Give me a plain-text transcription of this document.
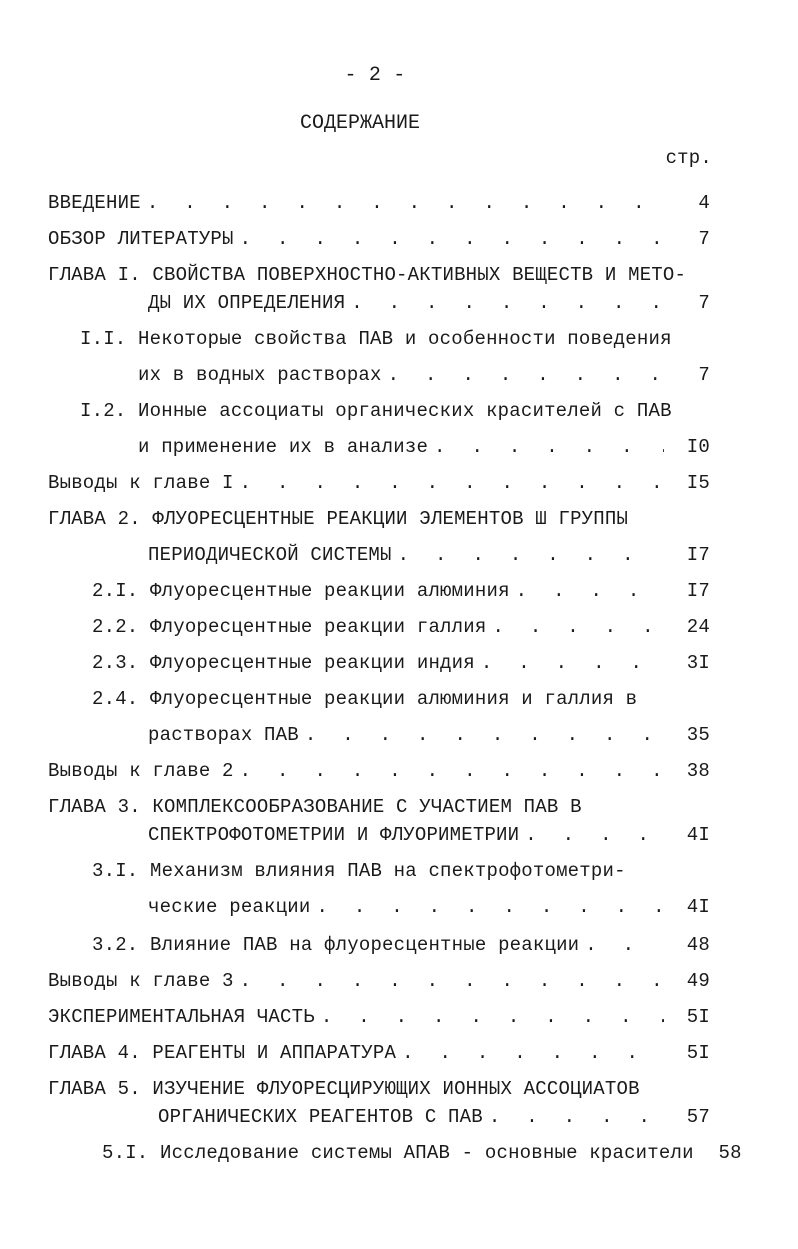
- 2 -
СОДЕРЖАНИЕ
стр.
ВВЕДЕНИЕ . . .	4
ОБЗОР ЛИТЕРАТУРЫ . . .	7
ГЛАВА I. СВОЙСТВА ПОВЕРХНОСТНО-АКТИВНЫХ ВЕЩЕСТВ И МЕТО-
ДЫ ИХ ОПРЕДЕЛЕНИЯ . . .	7
I.I. Некоторые свойства ПАВ и особенности поведения
их в водных растворах . . .	7
I.2. Ионные ассоциаты органических красителей с ПАВ
и применение их в анализе . . .	I0
Выводы к главе I . . .	I5
ГЛАВА 2. ФЛУОРЕСЦЕНТНЫЕ РЕАКЦИИ ЭЛЕМЕНТОВ Ш ГРУППЫ
ПЕРИОДИЧЕСКОЙ СИСТЕМЫ . . .	I7
2.I. Флуоресцентные реакции алюминия . . .	I7
2.2. Флуоресцентные реакции галлия . . .	24
2.3. Флуоресцентные реакции индия . . .	3I
2.4. Флуоресцентные реакции алюминия и галлия в
растворах ПАВ . . .	35
Выводы к главе 2 . . .	38
ГЛАВА 3. КОМПЛЕКСООБРАЗОВАНИЕ С УЧАСТИЕМ ПАВ В
СПЕКТРОФОТОМЕТРИИ И ФЛУОРИМЕТРИИ . . .	4I
3.I. Механизм влияния ПАВ на спектрофотометри-
ческие реакции . . .	4I
3.2. Влияние ПАВ на флуоресцентные реакции . . .	48
Выводы к главе 3 . . .	49
ЭКСПЕРИМЕНТАЛЬНАЯ ЧАСТЬ . . .	5I
ГЛАВА 4. РЕАГЕНТЫ И АППАРАТУРА . . .	5I
ГЛАВА 5. ИЗУЧЕНИЕ ФЛУОРЕСЦИРУЮЩИХ ИОННЫХ АССОЦИАТОВ
ОРГАНИЧЕСКИХ РЕАГЕНТОВ С ПАВ . . .	57
5.I. Исследование системы АПАВ - основные красители	58
